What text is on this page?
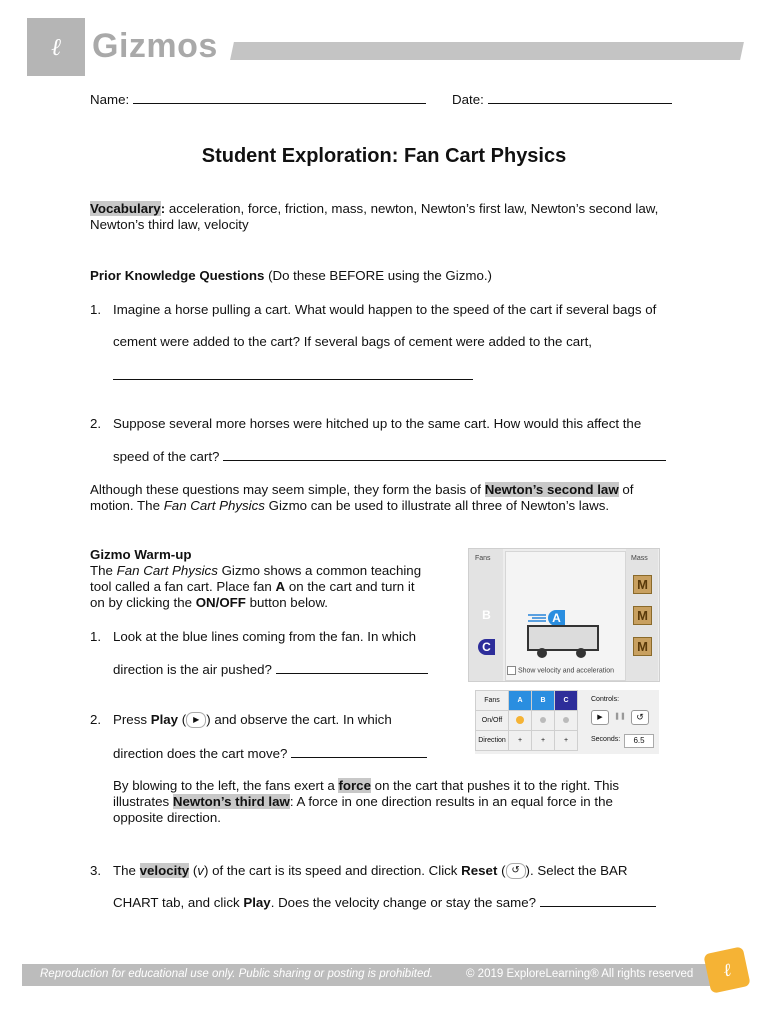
ℓ Gizmos
Name:	Date:
Student Exploration: Fan Cart Physics
Vocabulary: acceleration, force, friction, mass, newton, Newton’s first law, Newton’s second law, Newton’s third law, velocity
Prior Knowledge Questions (Do these BEFORE using the Gizmo.)
1. Imagine a horse pulling a cart. What would happen to the speed of the cart if several bags of
cement were added to the cart? If several bags of cement were added to the cart,
2. Suppose several more horses were hitched up to the same cart. How would this affect the
speed of the cart?
Although these questions may seem simple, they form the basis of Newton’s second law of
motion. The Fan Cart Physics Gizmo can be used to illustrate all three of Newton’s laws.
Gizmo Warm-up
The Fan Cart Physics Gizmo shows a common teaching
tool called a fan cart. Place fan A on the cart and turn it
on by clicking the ON/OFF button below.
1. Look at the blue lines coming from the fan. In which
direction is the air pushed?
2. Press Play ( ▶ ) and observe the cart. In which
direction does the cart move?
By blowing to the left, the fans exert a force on the cart that pushes it to the right. This
illustrates Newton’s third law: A force in one direction results in an equal force in the
opposite direction.
3. The velocity (v) of the cart is its speed and direction. Click Reset ( ↺ ). Select the BAR
CHART tab, and click Play. Does the velocity change or stay the same?
Fans
B
C
A
Show velocity and acceleration
Mass
M
M
M
Fans	A	B	C
On/Off			
Direction	+	+	+
Controls:
▶	❚❚	↺
Seconds:	6.5
Reproduction for educational use only. Public sharing or posting is prohibited.	© 2019 ExploreLearning® All rights reserved ℓ
